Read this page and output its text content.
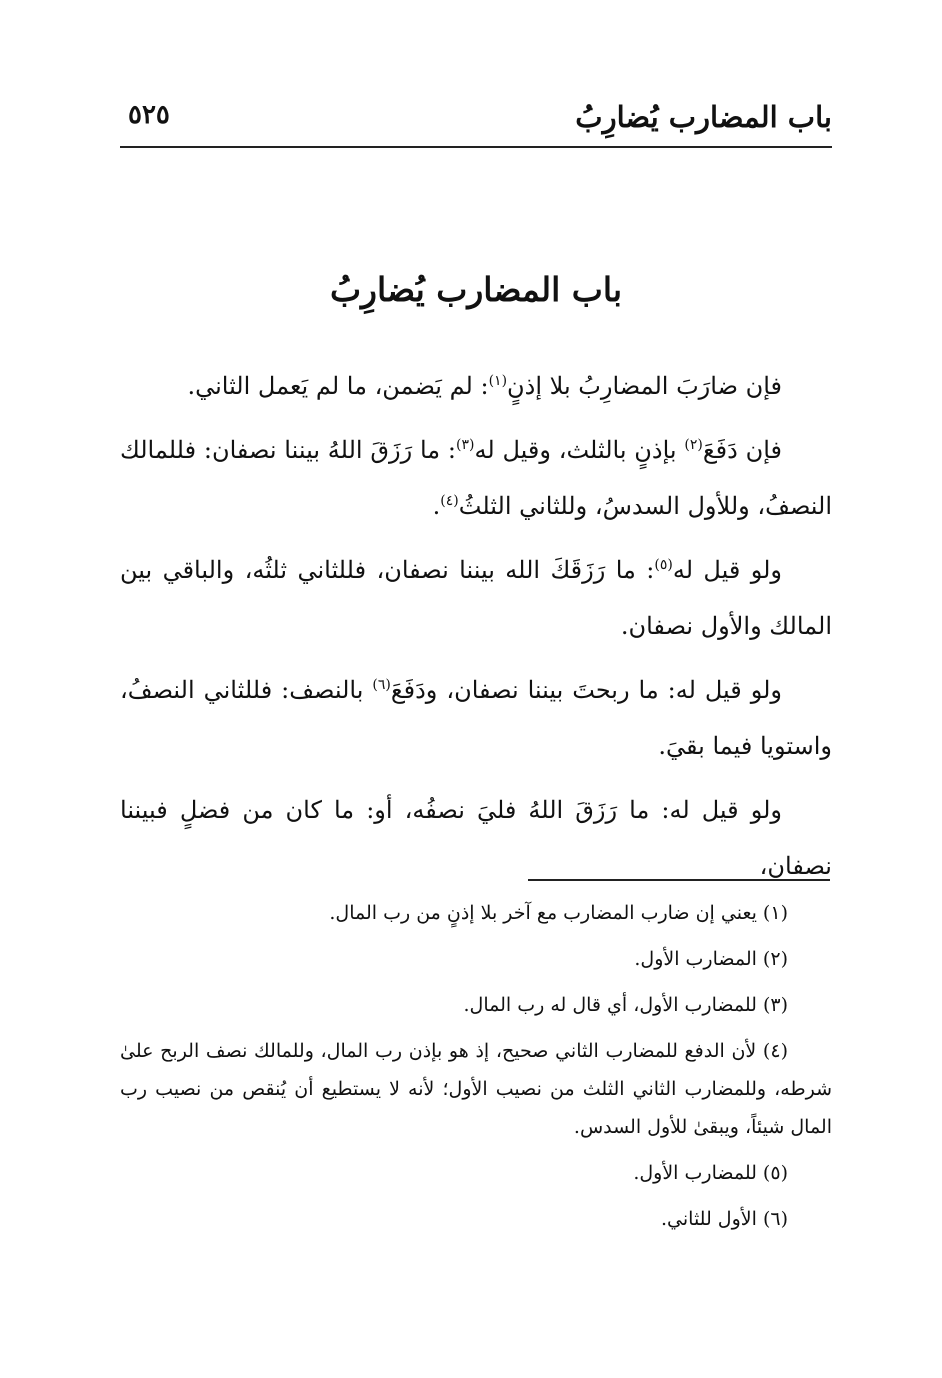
باب المضارب يُضارِبُ
٥٢٥
باب المضارب يُضارِبُ

فإن ضارَبَ المضارِبُ بلا إذنٍ$^{(١)}$: لم يَضمن، ما لم يَعمل الثاني.

فإن دَفَعَ$^{(٢)}$ بإذنٍ بالثلث، وقيل له$^{(٣)}$: ما رَزَقَ اللهُ بيننا نصفان: فللمالك النصفُ، وللأول السدسُ، وللثاني الثلثُ$^{(٤)}$.

ولو قيل له$^{(٥)}$: ما رَزَقَكَ الله بيننا نصفان، فللثاني ثلثُه، والباقي بين المالك والأول نصفان.

ولو قيل له: ما ربحتَ بيننا نصفان، ودَفَعَ$^{(٦)}$ بالنصف: فللثاني النصفُ، واستويا فيما بقيَ.

ولو قيل له: ما رَزَقَ اللهُ فليَ نصفُه، أو: ما كان من فضلٍ فبيننا نصفان،

(١) يعني إن ضارب المضارب مع آخر بلا إذنٍ من رب المال.

(٢) المضارب الأول.

(٣) للمضارب الأول، أي قال له رب المال.

(٤) لأن الدفع للمضارب الثاني صحيح، إذ هو بإذن رب المال، وللمالك نصف الربح علىٰ شرطه، وللمضارب الثاني الثلث من نصيب الأول؛ لأنه لا يستطيع أن يُنقص من نصيب رب المال شيئاً، ويبقىٰ للأول السدس.

(٥) للمضارب الأول.

(٦) الأول للثاني.
